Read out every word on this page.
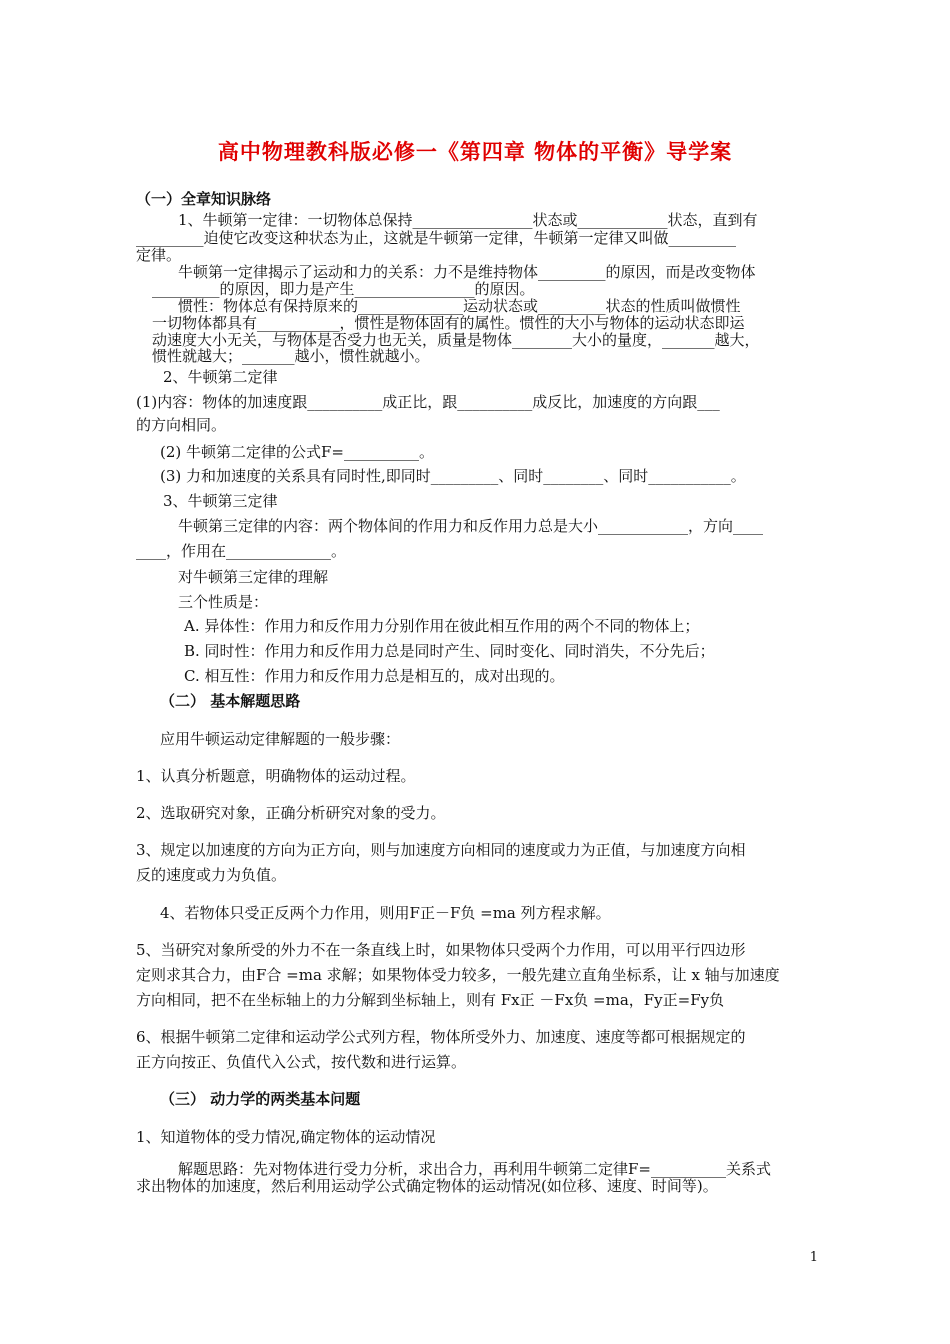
高中物理教科版必修一《第四章 物体的平衡》导学案
（一）全章知识脉络
1、牛顿第一定律：一切物体总保持________________状态或____________状态，直到有
_________迫使它改变这种状态为止，这就是牛顿第一定律，牛顿第一定律又叫做_________
定律。
牛顿第一定律揭示了运动和力的关系：力不是维持物体_________的原因，而是改变物体
_________的原因，即力是产生________________的原因。
惯性：物体总有保持原来的______________运动状态或_________状态的性质叫做惯性
一切物体都具有___________，惯性是物体固有的属性。惯性的大小与物体的运动状态即运
动速度大小无关，与物体是否受力也无关，质量是物体________大小的量度，_______越大，
惯性就越大；_______越小，惯性就越小。
2、牛顿第二定律
(1)内容：物体的加速度跟__________成正比，跟__________成反比，加速度的方向跟___
的方向相同。
(2) 牛顿第二定律的公式F=__________。
(3) 力和加速度的关系具有同时性,即同时_________、同时________、同时___________。
3、牛顿第三定律
牛顿第三定律的内容：两个物体间的作用力和反作用力总是大小____________，方向____
____，作用在______________。
对牛顿第三定律的理解
三个性质是：
A. 异体性：作用力和反作用力分别作用在彼此相互作用的两个不同的物体上；
B. 同时性：作用力和反作用力总是同时产生、同时变化、同时消失，不分先后；
C. 相互性：作用力和反作用力总是相互的，成对出现的。
（二） 基本解题思路
应用牛顿运动定律解题的一般步骤：
1、认真分析题意，明确物体的运动过程。
2、选取研究对象，正确分析研究对象的受力。
3、规定以加速度的方向为正方向，则与加速度方向相同的速度或力为正值，与加速度方向相
反的速度或力为负值。
4、若物体只受正反两个力作用，则用F正－F负 =ma 列方程求解。
5、当研究对象所受的外力不在一条直线上时，如果物体只受两个力作用，可以用平行四边形
定则求其合力，由F合 =ma 求解；如果物体受力较多，一般先建立直角坐标系，让 x 轴与加速度
方向相同，把不在坐标轴上的力分解到坐标轴上，则有 Fx正 －Fx负 =ma，Fy正=Fy负
6、根据牛顿第二定律和运动学公式列方程，物体所受外力、加速度、速度等都可根据规定的
正方向按正、负值代入公式，按代数和进行运算。
（三） 动力学的两类基本问题
1、知道物体的受力情况,确定物体的运动情况
解题思路：先对物体进行受力分析，求出合力，再利用牛顿第二定律F=__________关系式
求出物体的加速度，然后利用运动学公式确定物体的运动情况(如位移、速度、时间等)。
1
